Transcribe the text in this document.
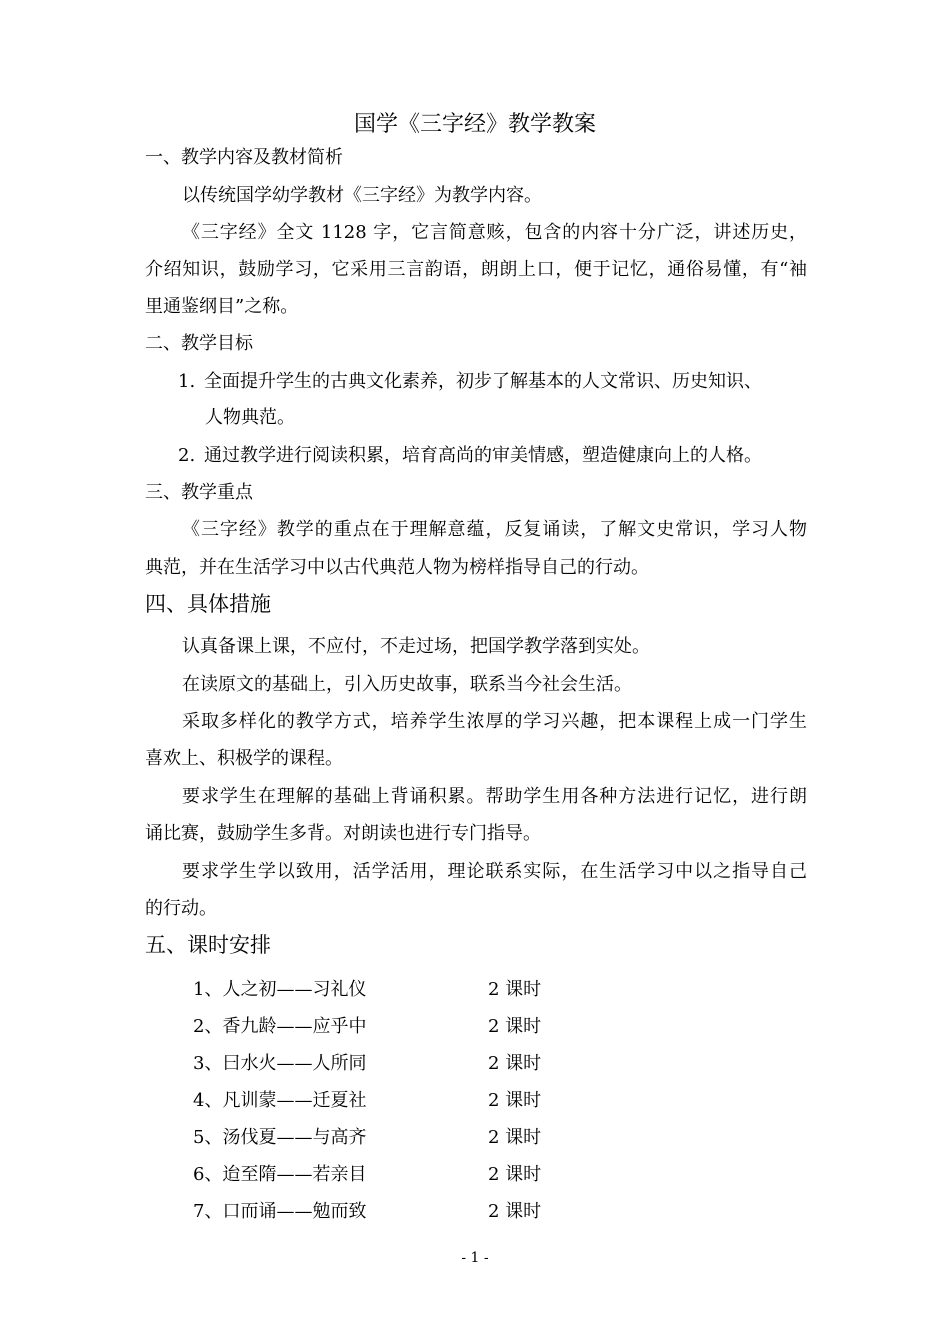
国学《三字经》教学教案
一、教学内容及教材简析
以传统国学幼学教材《三字经》为教学内容。
《三字经》全文 1128 字，它言简意赅，包含的内容十分广泛，讲述历史，
介绍知识，鼓励学习，它采用三言韵语，朗朗上口，便于记忆，通俗易懂，有“袖
里通鉴纲目”之称。
二、教学目标
1. 全面提升学生的古典文化素养，初步了解基本的人文常识、历史知识、
人物典范。
2. 通过教学进行阅读积累，培育高尚的审美情感，塑造健康向上的人格。
三、教学重点
《三字经》教学的重点在于理解意蕴，反复诵读，了解文史常识，学习人物
典范，并在生活学习中以古代典范人物为榜样指导自己的行动。
四、具体措施
认真备课上课，不应付，不走过场，把国学教学落到实处。
在读原文的基础上，引入历史故事，联系当今社会生活。
采取多样化的教学方式，培养学生浓厚的学习兴趣，把本课程上成一门学生
喜欢上、积极学的课程。
要求学生在理解的基础上背诵积累。帮助学生用各种方法进行记忆，进行朗
诵比赛，鼓励学生多背。对朗读也进行专门指导。
要求学生学以致用，活学活用，理论联系实际，在生活学习中以之指导自己
的行动。
五、课时安排
1、人之初——习礼仪	2 课时
2、香九龄——应乎中	2 课时
3、曰水火——人所同	2 课时
4、凡训蒙——迁夏社	2 课时
5、汤伐夏——与高齐	2 课时
6、迨至隋——若亲目	2 课时
7、口而诵——勉而致	2 课时
- 1 -
